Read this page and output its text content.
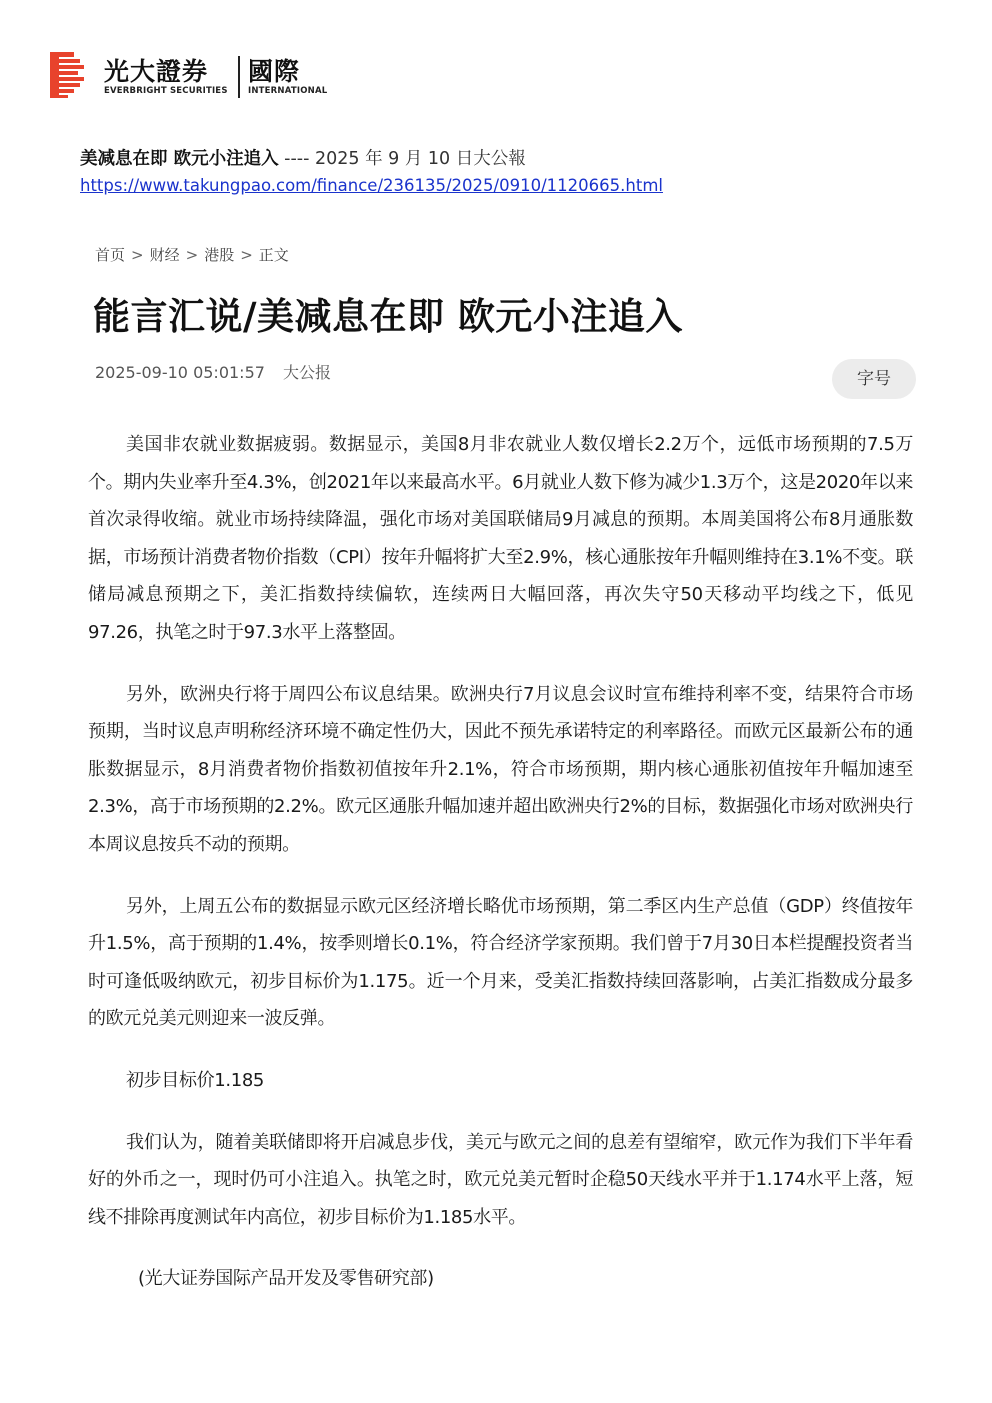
光大證券 國際
EVERBRIGHT SECURITIES INTERNATIONAL
美减息在即 欧元小注追入 ---- 2025 年 9 月 10 日大公報
https://www.takungpao.com/finance/236135/2025/0910/1120665.html
首页 > 财经 > 港股 > 正文
能言汇说/美减息在即 欧元小注追入
2025-09-10 05:01:57 大公报	字号

美国非农就业数据疲弱。数据显示，美国8月非农就业人数仅增长2.2万个，远低市场预期的7.5万个。期内失业率升至4.3%，创2021年以来最高水平。6月就业人数下修为减少1.3万个，这是2020年以来首次录得收缩。就业市场持续降温，强化市场对美国联储局9月减息的预期。本周美国将公布8月通胀数据，市场预计消费者物价指数（CPI）按年升幅将扩大至2.9%，核心通胀按年升幅则维持在3.1%不变。联储局减息预期之下，美汇指数持续偏软，连续两日大幅回落，再次失守50天移动平均线之下，低见97.26，执笔之时于97.3水平上落整固。

另外，欧洲央行将于周四公布议息结果。欧洲央行7月议息会议时宣布维持利率不变，结果符合市场预期，当时议息声明称经济环境不确定性仍大，因此不预先承诺特定的利率路径。而欧元区最新公布的通胀数据显示，8月消费者物价指数初值按年升2.1%，符合市场预期，期内核心通胀初值按年升幅加速至2.3%，高于市场预期的2.2%。欧元区通胀升幅加速并超出欧洲央行2%的目标，数据强化市场对欧洲央行本周议息按兵不动的预期。

另外，上周五公布的数据显示欧元区经济增长略优市场预期，第二季区内生产总值（GDP）终值按年升1.5%，高于预期的1.4%，按季则增长0.1%，符合经济学家预期。我们曾于7月30日本栏提醒投资者当时可逢低吸纳欧元，初步目标价为1.175。近一个月来，受美汇指数持续回落影响，占美汇指数成分最多的欧元兑美元则迎来一波反弹。

初步目标价1.185

我们认为，随着美联储即将开启减息步伐，美元与欧元之间的息差有望缩窄，欧元作为我们下半年看好的外币之一，现时仍可小注追入。执笔之时，欧元兑美元暂时企稳50天线水平并于1.174水平上落，短线不排除再度测试年内高位，初步目标价为1.185水平。

(光大证券国际产品开发及零售研究部)
